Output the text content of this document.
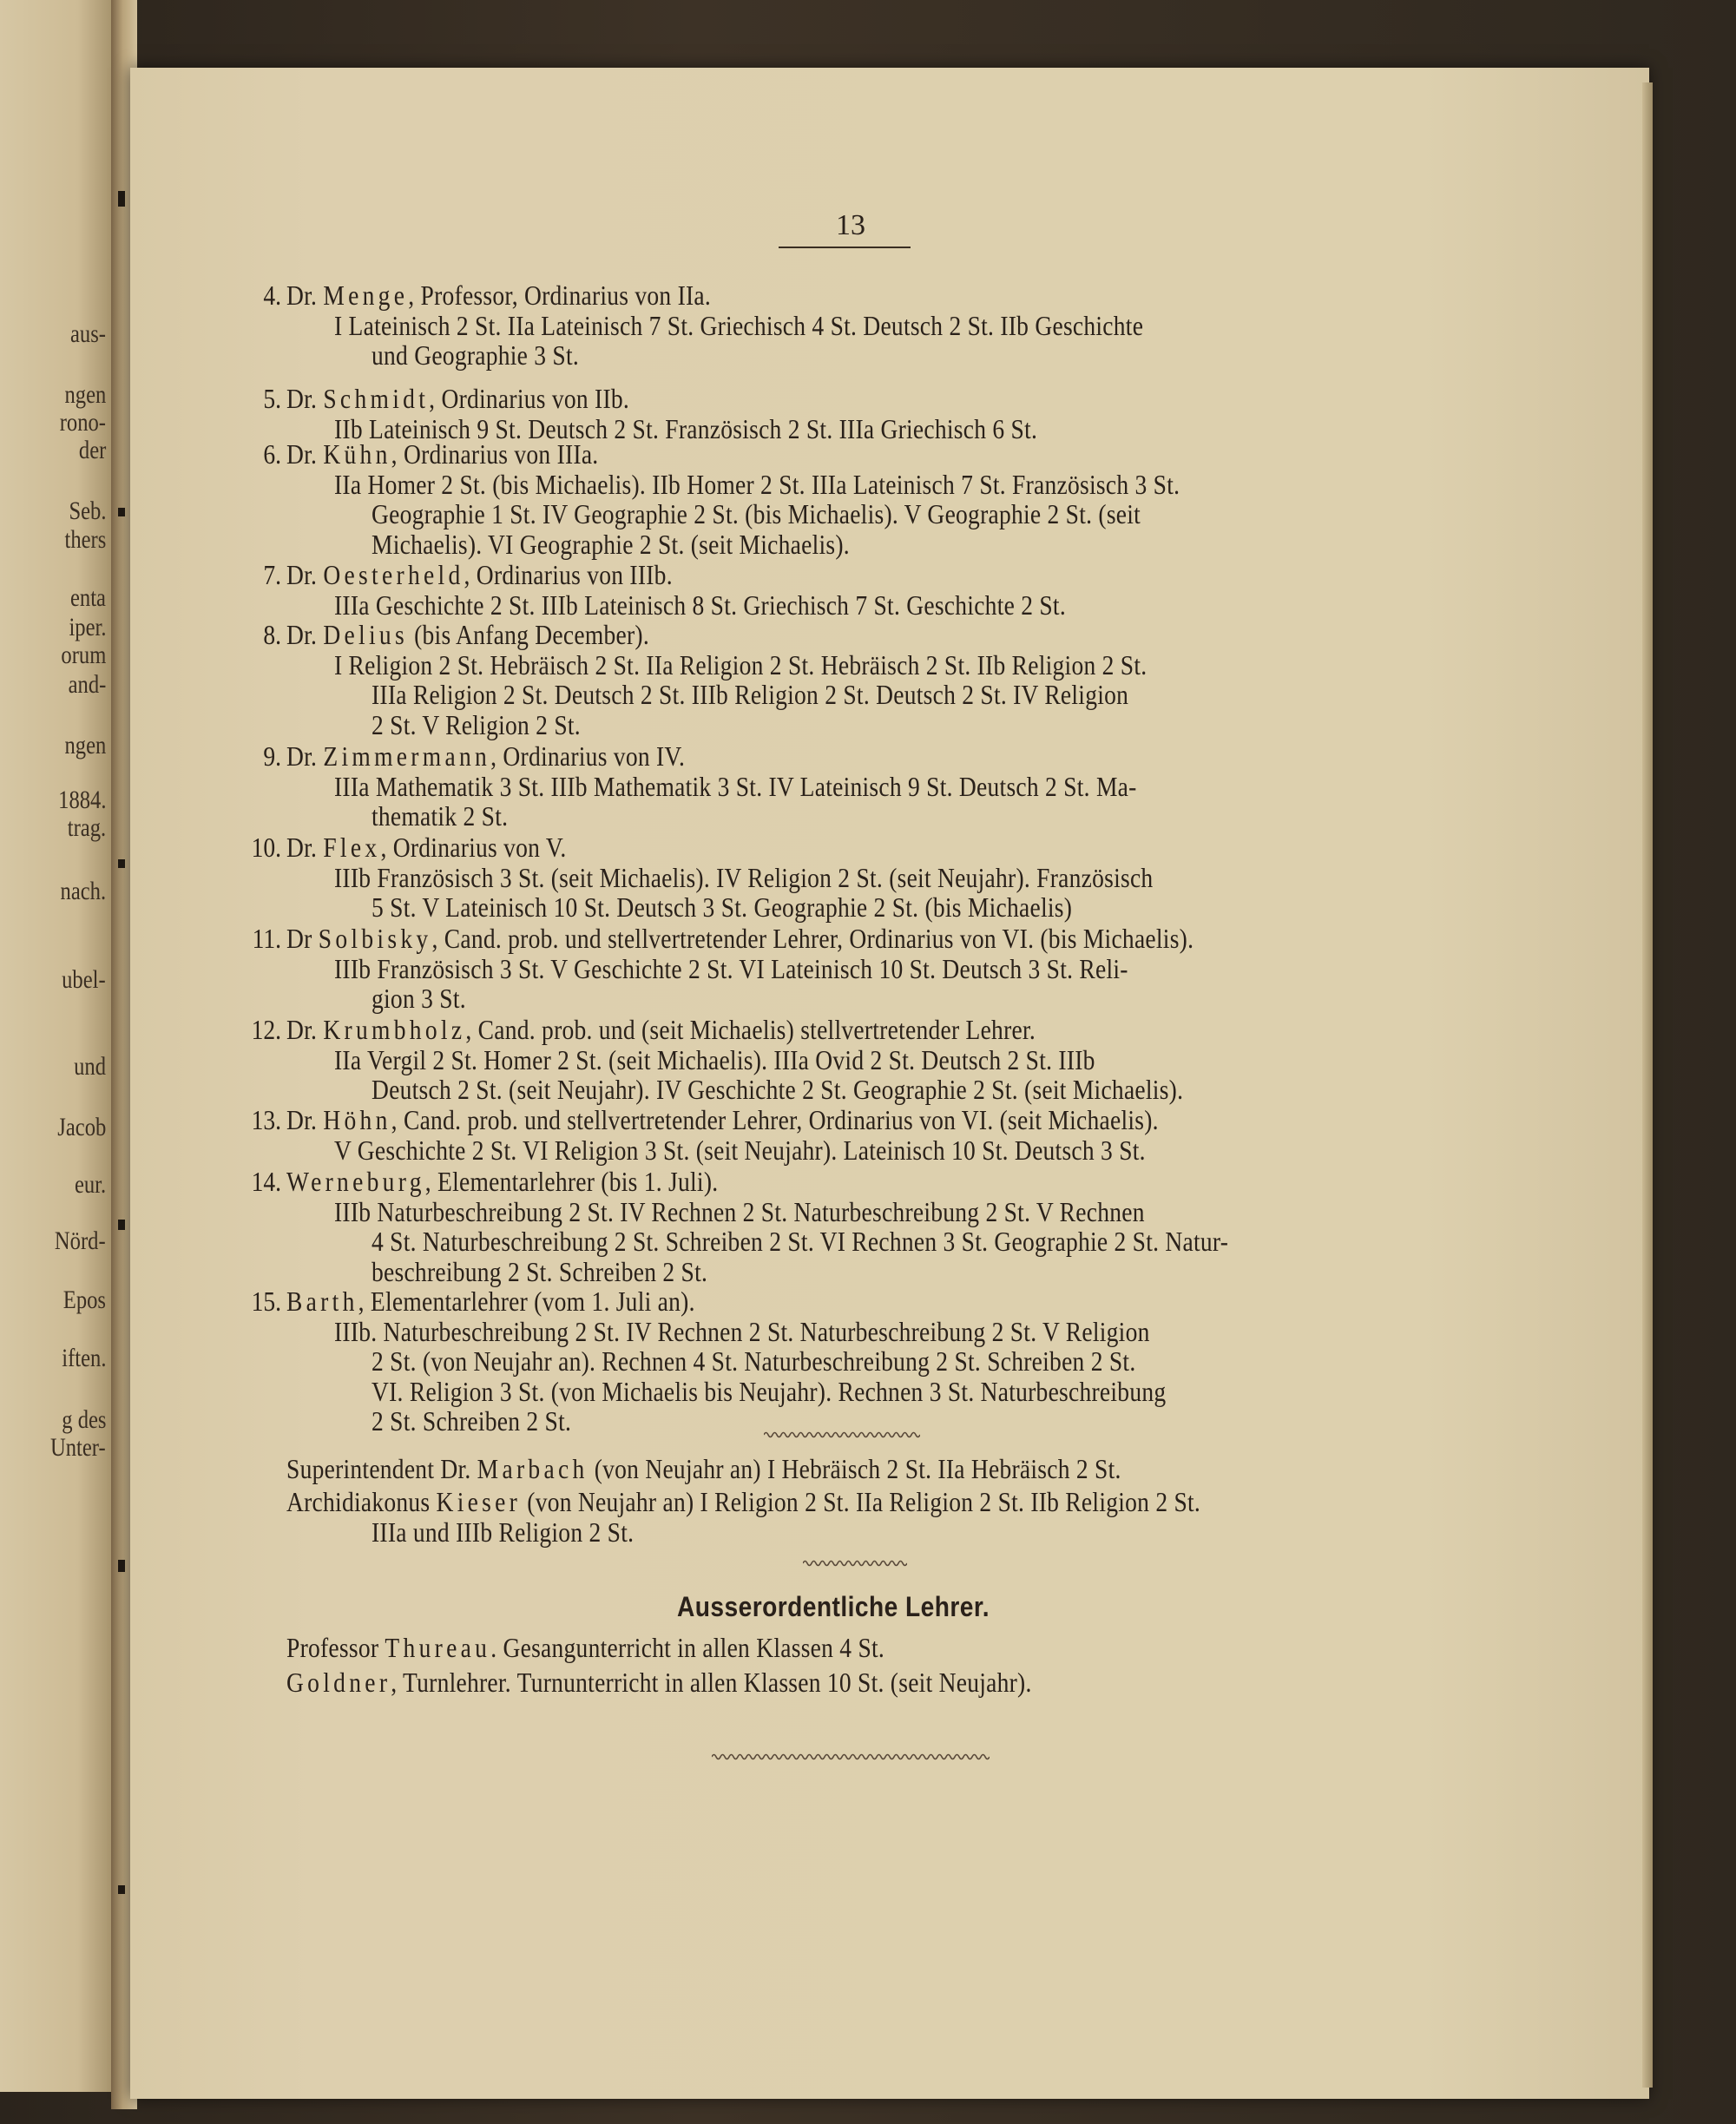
aus-
ngen
rono-
der
Seb.
thers
enta
iper.
orum
and-
ngen
1884.
trag.
nach.
ubel-
und
Jacob
eur.
Nörd-
Epos
iften.
g des
Unter-
13
4. Dr. Menge, Professor, Ordinarius von IIa.
I Lateinisch 2 St. IIa Lateinisch 7 St. Griechisch 4 St. Deutsch 2 St. IIb Geschichte
und Geographie 3 St.
5. Dr. Schmidt, Ordinarius von IIb.
IIb Lateinisch 9 St. Deutsch 2 St. Französisch 2 St. IIIa Griechisch 6 St.
6. Dr. Kühn, Ordinarius von IIIa.
IIa Homer 2 St. (bis Michaelis). IIb Homer 2 St. IIIa Lateinisch 7 St. Französisch 3 St.
Geographie 1 St. IV Geographie 2 St. (bis Michaelis). V Geographie 2 St. (seit
Michaelis). VI Geographie 2 St. (seit Michaelis).
7. Dr. Oesterheld, Ordinarius von IIIb.
IIIa Geschichte 2 St. IIIb Lateinisch 8 St. Griechisch 7 St. Geschichte 2 St.
8. Dr. Delius (bis Anfang December).
I Religion 2 St. Hebräisch 2 St. IIa Religion 2 St. Hebräisch 2 St. IIb Religion 2 St.
IIIa Religion 2 St. Deutsch 2 St. IIIb Religion 2 St. Deutsch 2 St. IV Religion
2 St. V Religion 2 St.
9. Dr. Zimmermann, Ordinarius von IV.
IIIa Mathematik 3 St. IIIb Mathematik 3 St. IV Lateinisch 9 St. Deutsch 2 St. Ma-
thematik 2 St.
10. Dr. Flex, Ordinarius von V.
IIIb Französisch 3 St. (seit Michaelis). IV Religion 2 St. (seit Neujahr). Französisch
5 St. V Lateinisch 10 St. Deutsch 3 St. Geographie 2 St. (bis Michaelis)
11. Dr Solbisky, Cand. prob. und stellvertretender Lehrer, Ordinarius von VI. (bis Michaelis).
IIIb Französisch 3 St. V Geschichte 2 St. VI Lateinisch 10 St. Deutsch 3 St. Reli-
gion 3 St.
12. Dr. Krumbholz, Cand. prob. und (seit Michaelis) stellvertretender Lehrer.
IIa Vergil 2 St. Homer 2 St. (seit Michaelis). IIIa Ovid 2 St. Deutsch 2 St. IIIb
Deutsch 2 St. (seit Neujahr). IV Geschichte 2 St. Geographie 2 St. (seit Michaelis).
13. Dr. Höhn, Cand. prob. und stellvertretender Lehrer, Ordinarius von VI. (seit Michaelis).
V Geschichte 2 St. VI Religion 3 St. (seit Neujahr). Lateinisch 10 St. Deutsch 3 St.
14. Werneburg, Elementarlehrer (bis 1. Juli).
IIIb Naturbeschreibung 2 St. IV Rechnen 2 St. Naturbeschreibung 2 St. V Rechnen
4 St. Naturbeschreibung 2 St. Schreiben 2 St. VI Rechnen 3 St. Geographie 2 St. Natur-
beschreibung 2 St. Schreiben 2 St.
15. Barth, Elementarlehrer (vom 1. Juli an).
IIIb. Naturbeschreibung 2 St. IV Rechnen 2 St. Naturbeschreibung 2 St. V Religion
2 St. (von Neujahr an). Rechnen 4 St. Naturbeschreibung 2 St. Schreiben 2 St.
VI. Religion 3 St. (von Michaelis bis Neujahr). Rechnen 3 St. Naturbeschreibung
2 St. Schreiben 2 St.
Ausserordentliche Lehrer.
Superintendent Dr. Marbach (von Neujahr an) I Hebräisch 2 St. IIa Hebräisch 2 St.
Archidiakonus Kieser (von Neujahr an) I Religion 2 St. IIa Religion 2 St. IIb Religion 2 St.
IIIa und IIIb Religion 2 St.
Professor Thureau. Gesangunterricht in allen Klassen 4 St.
Goldner, Turnlehrer. Turnunterricht in allen Klassen 10 St. (seit Neujahr).
